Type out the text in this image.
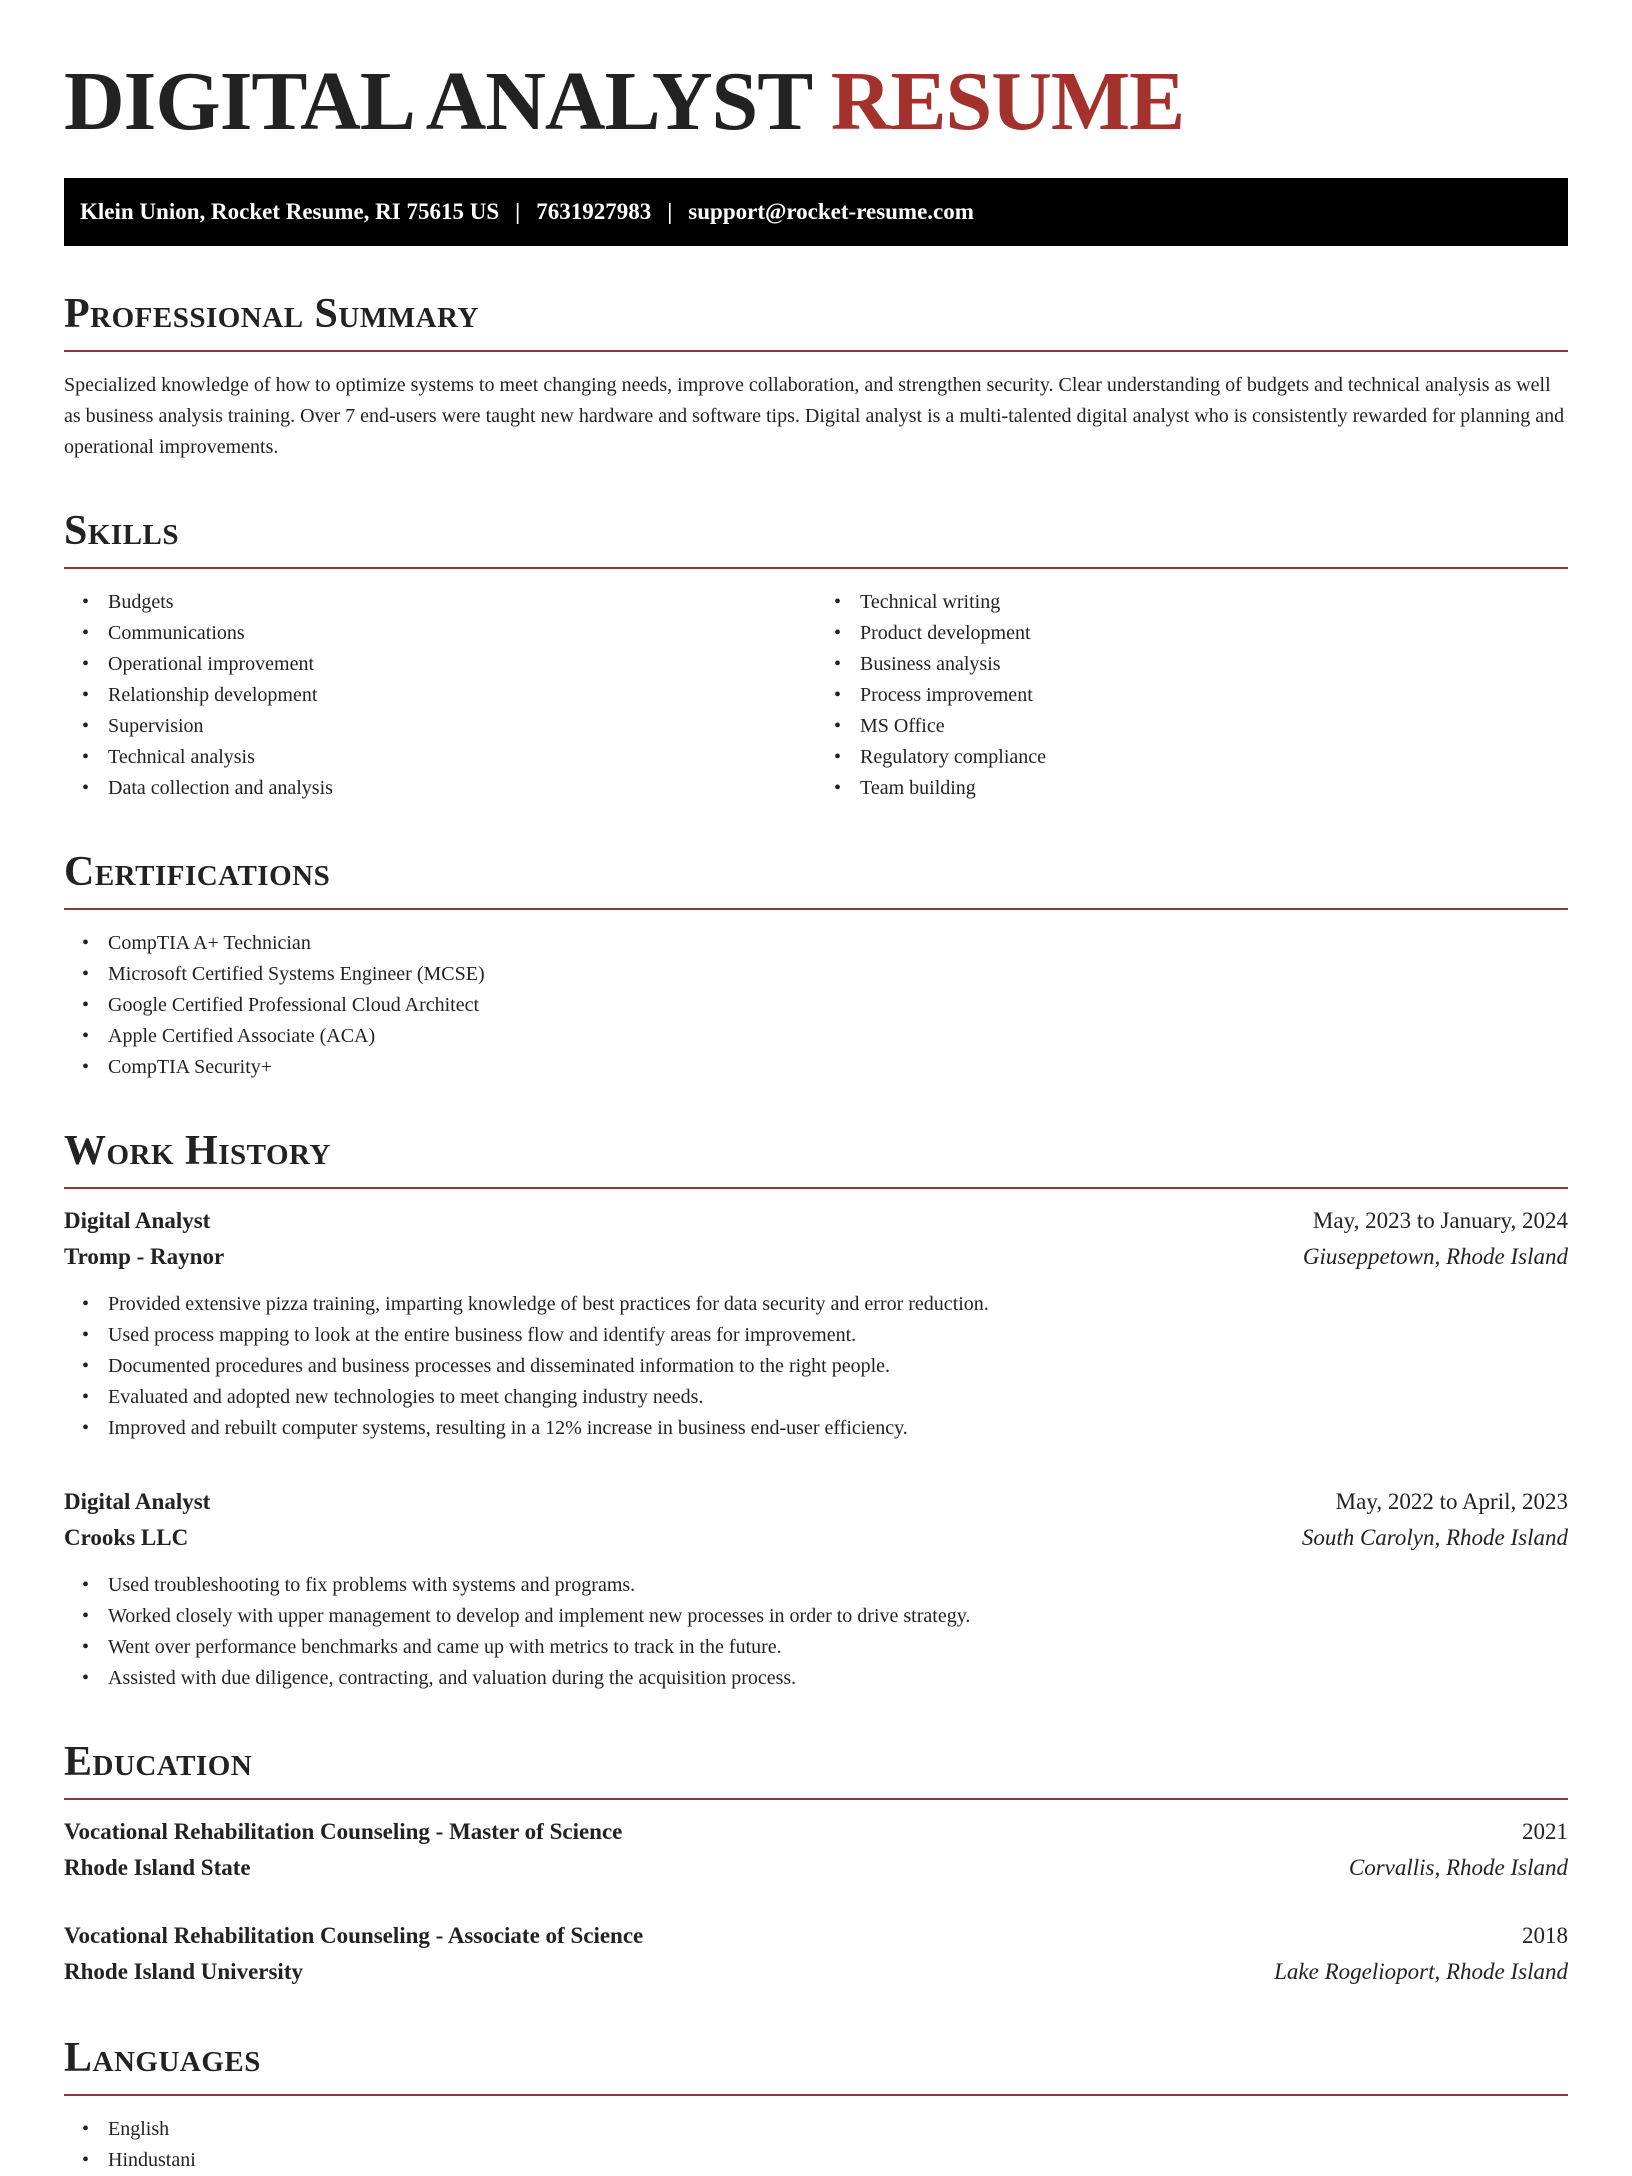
DIGITAL ANALYST RESUME
Klein Union, Rocket Resume, RI 75615 US | 7631927983 | support@rocket-resume.com
Professional Summary

Specialized knowledge of how to optimize systems to meet changing needs, improve collaboration, and strengthen security. Clear understanding of budgets and technical analysis as well as business analysis training. Over 7 end-users were taught new hardware and software tips. Digital analyst is a multi-talented digital analyst who is consistently rewarded for planning and operational improvements.

Skills
• Budgets
• Communications
• Operational improvement
• Relationship development
• Supervision
• Technical analysis
• Data collection and analysis
• Technical writing
• Product development
• Business analysis
• Process improvement
• MS Office
• Regulatory compliance
• Team building
Certifications
• CompTIA A+ Technician
• Microsoft Certified Systems Engineer (MCSE)
• Google Certified Professional Cloud Architect
• Apple Certified Associate (ACA)
• CompTIA Security+
Work History
Digital Analyst	May, 2023 to January, 2024
Tromp - Raynor	Giuseppetown, Rhode Island
• Provided extensive pizza training, imparting knowledge of best practices for data security and error reduction.
• Used process mapping to look at the entire business flow and identify areas for improvement.
• Documented procedures and business processes and disseminated information to the right people.
• Evaluated and adopted new technologies to meet changing industry needs.
• Improved and rebuilt computer systems, resulting in a 12% increase in business end-user efficiency.
Digital Analyst	May, 2022 to April, 2023
Crooks LLC	South Carolyn, Rhode Island
• Used troubleshooting to fix problems with systems and programs.
• Worked closely with upper management to develop and implement new processes in order to drive strategy.
• Went over performance benchmarks and came up with metrics to track in the future.
• Assisted with due diligence, contracting, and valuation during the acquisition process.
Education
Vocational Rehabilitation Counseling - Master of Science	2021
Rhode Island State	Corvallis, Rhode Island
Vocational Rehabilitation Counseling - Associate of Science	2018
Rhode Island University	Lake Rogelioport, Rhode Island
Languages
• English
• Hindustani
